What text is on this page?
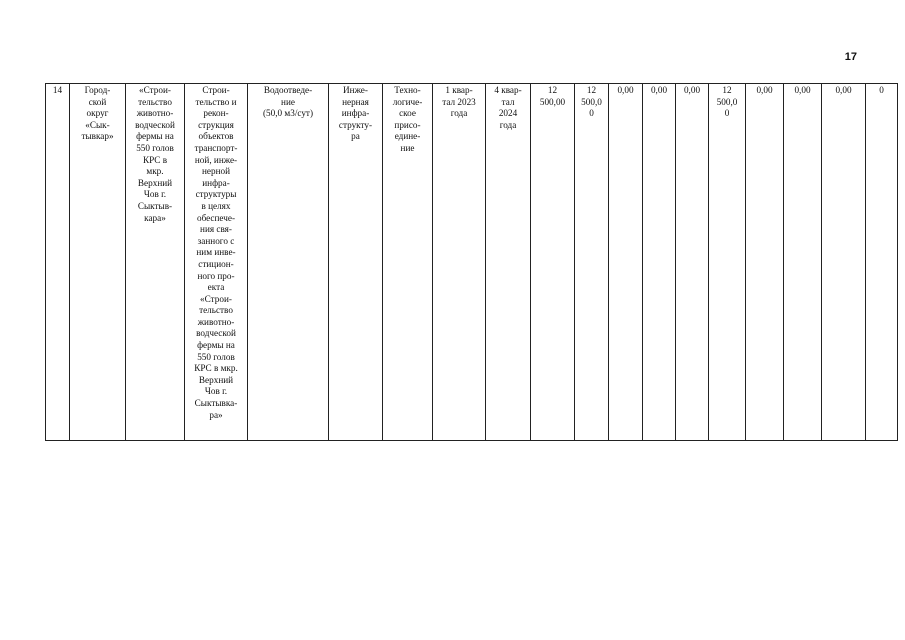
17
14	Город-
ской
округ
«Сык-
тывкар»	«Строи-
тельство
животно-
водческой
фермы на
550 голов
КРС в
мкр.
Верхний
Чов г.
Сыктыв-
кара»	Строи-
тельство и
рекон-
струкция
объектов
транспорт-
ной, инже-
нерной
инфра-
структуры
в целях
обеспече-
ния свя-
занного с
ним инве-
стицион-
ного про-
екта
«Строи-
тельство
животно-
водческой
фермы на
550 голов
КРС в мкр.
Верхний
Чов г.
Сыктывка-
ра»	Водоотведе-
ние
(50,0 м3/сут)	Инже-
нерная
инфра-
структу-
ра	Техно-
логиче-
ское
присо-
едине-
ние	1 квар-
тал 2023
года	4 квар-
тал
2024
года	12
500,00	12
500,0
0	0,00	0,00	0,00	12
500,0
0	0,00	0,00	0,00	0
